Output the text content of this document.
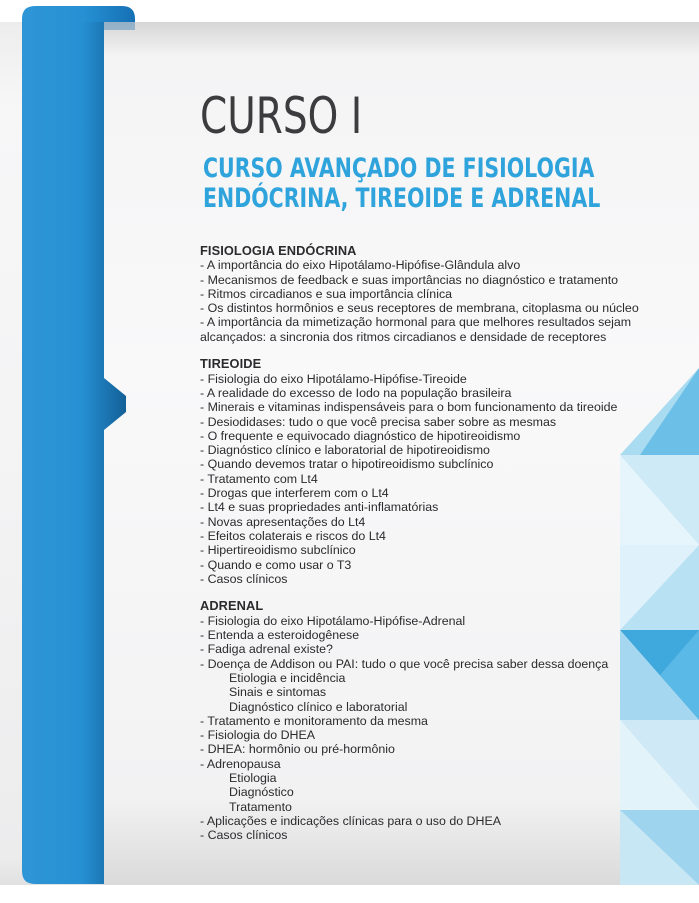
CURSO I
CURSO AVANÇADO DE FISIOLOGIA
ENDÓCRINA, TIREOIDE E ADRENAL
FISIOLOGIA ENDÓCRINA
- A importância do eixo Hipotálamo-Hipófise-Glândula alvo
- Mecanismos de feedback e suas importâncias no diagnóstico e tratamento
- Ritmos circadianos e sua importância clínica
- Os distintos hormônios e seus receptores de membrana, citoplasma ou núcleo
- A importância da mimetização hormonal para que melhores resultados sejam alcançados: a sincronia dos ritmos circadianos e densidade de receptores
TIREOIDE
- Fisiologia do eixo Hipotálamo-Hipófise-Tireoide
- A realidade do excesso de Iodo na população brasileira
- Minerais e vitaminas indispensáveis para o bom funcionamento da tireoide
- Desiodidases: tudo o que você precisa saber sobre as mesmas
- O frequente e equivocado diagnóstico de hipotireoidismo
- Diagnóstico clínico e laboratorial de hipotireoidismo
- Quando devemos tratar o hipotireoidismo subclínico
- Tratamento com Lt4
- Drogas que interferem com o Lt4
- Lt4 e suas propriedades anti-inflamatórias
- Novas apresentações do Lt4
- Efeitos colaterais e riscos do Lt4
- Hipertireoidismo subclínico
- Quando e como usar o T3
- Casos clínicos
ADRENAL
- Fisiologia do eixo Hipotálamo-Hipófise-Adrenal
- Entenda a esteroidogênese
- Fadiga adrenal existe?
- Doença de Addison ou PAI: tudo o que você precisa saber dessa doença
Etiologia e incidência
Sinais e sintomas
Diagnóstico clínico e laboratorial
- Tratamento e monitoramento da mesma
- Fisiologia do DHEA
- DHEA: hormônio ou pré-hormônio
- Adrenopausa
Etiologia
Diagnóstico
Tratamento
- Aplicações e indicações clínicas para o uso do DHEA
- Casos clínicos
